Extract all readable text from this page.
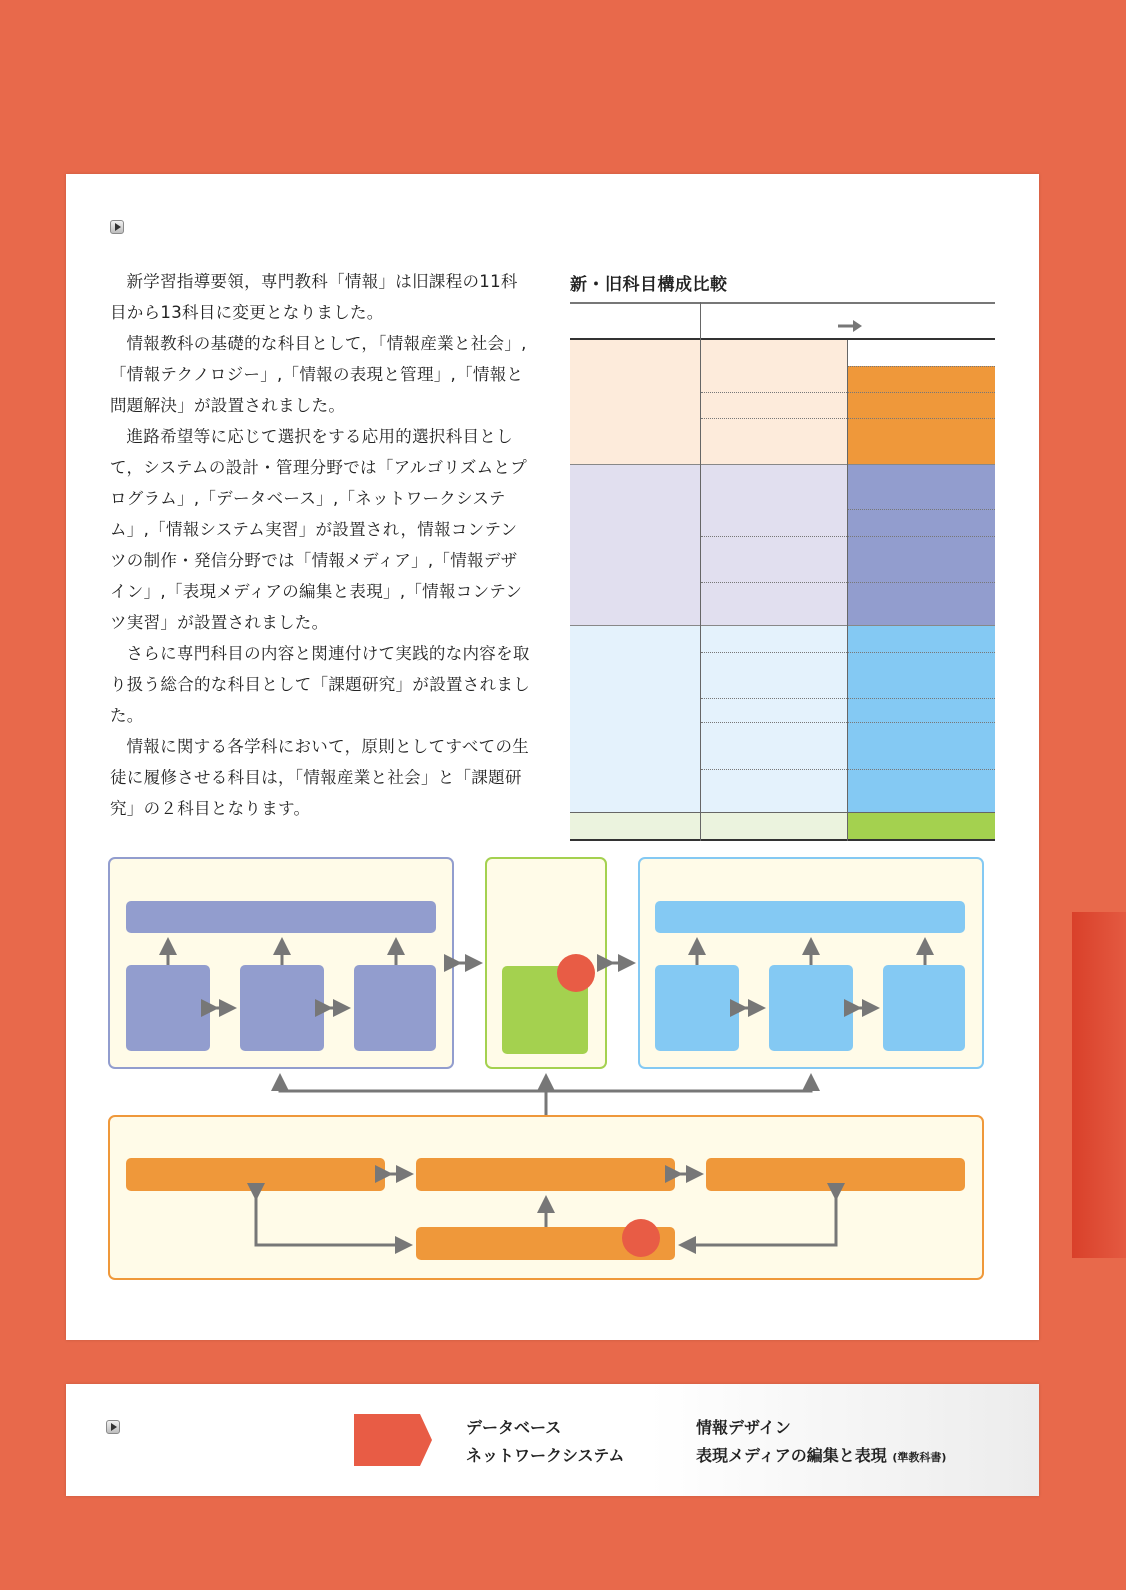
新学習指導要領，専門教科「情報」は旧課程の11科目から13科目に変更となりました。

情報教科の基礎的な科目として，「情報産業と社会」,「情報テクノロジー」,「情報の表現と管理」,「情報と問題解決」が設置されました。

進路希望等に応じて選択をする応用的選択科目として，システムの設計・管理分野では「アルゴリズムとプログラム」,「データベース」,「ネットワークシステム」,「情報システム実習」が設置され，情報コンテンツの制作・発信分野では「情報メディア」,「情報デザイン」,「表現メディアの編集と表現」,「情報コンテンツ実習」が設置されました。

さらに専門科目の内容と関連付けて実践的な内容を取り扱う総合的な科目として「課題研究」が設置されました。

情報に関する各学科において，原則としてすべての生徒に履修させる科目は，「情報産業と社会」と「課題研究」の２科目となります。

新・旧科目構成比較
データベース
ネットワークシステム
情報デザイン
表現メディアの編集と表現 (準教科書)
